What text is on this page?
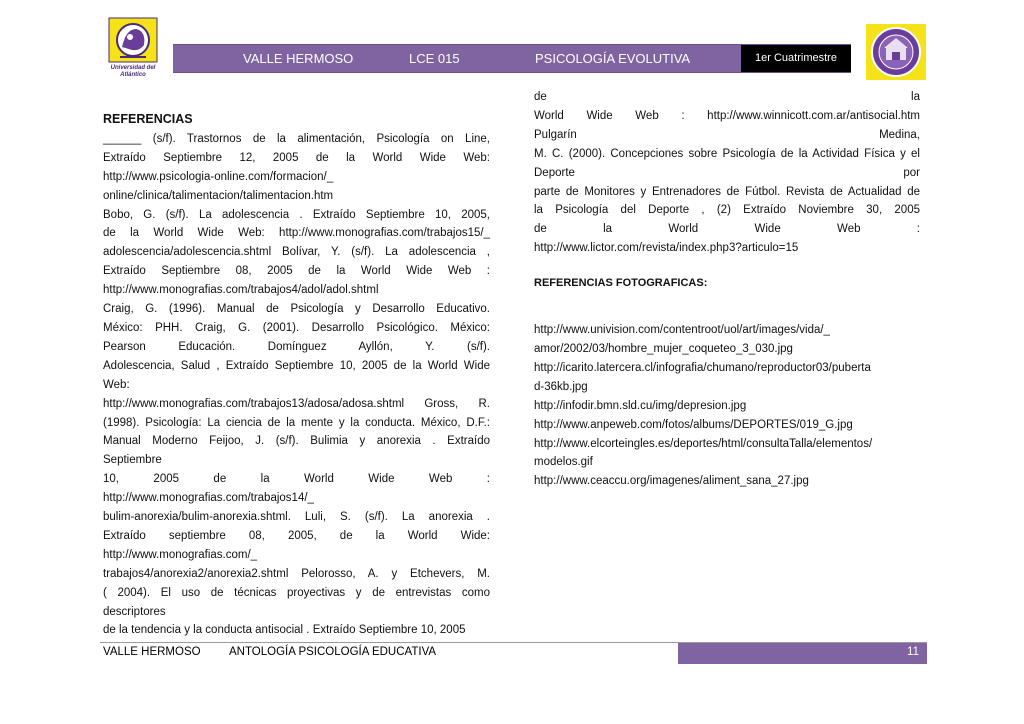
Universidad del Atlántico
VALLE HERMOSO	LCE 015	PSICOLOGÍA EVOLUTIVA	1er Cuatrimestre
REFERENCIAS
______ (s/f). Trastornos de la alimentación, Psicología on Line,
Extraído Septiembre 12, 2005 de la World Wide Web:
http://www.psicologia-online.com/formacion/_
online/clinica/talimentacion/talimentacion.htm
Bobo, G. (s/f). La adolescencia . Extraído Septiembre 10, 2005,
de la World Wide Web: http://www.monografias.com/trabajos15/_
adolescencia/adolescencia.shtml Bolívar, Y. (s/f). La adolescencia ,
Extraído Septiembre 08, 2005 de la World Wide Web :
http://www.monografias.com/trabajos4/adol/adol.shtml
Craig, G. (1996). Manual de Psicología y Desarrollo Educativo.
México: PHH. Craig, G. (2001). Desarrollo Psicológico. México:
Pearson Educación. Domínguez Ayllón, Y. (s/f).
Adolescencia, Salud , Extraído Septiembre 10, 2005 de la World Wide
Web:
http://www.monografias.com/trabajos13/adosa/adosa.shtml Gross, R.
(1998). Psicología: La ciencia de la mente y la conducta. México, D.F.:
Manual Moderno Feijoo, J. (s/f). Bulimia y anorexia . Extraído
Septiembre
10, 2005 de la World Wide Web :
http://www.monografias.com/trabajos14/_
bulim-anorexia/bulim-anorexia.shtml. Luli, S. (s/f). La anorexia .
Extraído septiembre 08, 2005, de la World Wide:
http://www.monografias.com/_
trabajos4/anorexia2/anorexia2.shtml Pelorosso, A. y Etchevers, M.
( 2004). El uso de técnicas proyectivas y de entrevistas como
descriptores
de la tendencia y la conducta antisocial . Extraído Septiembre 10, 2005
de la
World Wide Web : http://www.winnicott.com.ar/antisocial.htm
Pulgarín Medina,
M. C. (2000). Concepciones sobre Psicología de la Actividad Física y el
Deporte por
parte de Monitores y Entrenadores de Fútbol. Revista de Actualidad de
la Psicología del Deporte , (2) Extraído Noviembre 30, 2005
de la World Wide Web :
http://www.lictor.com/revista/index.php3?articulo=15
REFERENCIAS FOTOGRAFICAS:
http://www.univision.com/contentroot/uol/art/images/vida/_
amor/2002/03/hombre_mujer_coqueteo_3_030.jpg
http://icarito.latercera.cl/infografia/chumano/reproductor03/puberta
d-36kb.jpg
http://infodir.bmn.sld.cu/img/depresion.jpg
http://www.anpeweb.com/fotos/albums/DEPORTES/019_G.jpg
http://www.elcorteingles.es/deportes/html/consultaTalla/elementos/
modelos.gif
http://www.ceaccu.org/imagenes/aliment_sana_27.jpg
VALLE HERMOSO ANTOLOGÍA PSICOLOGÍA EDUCATIVA	11
